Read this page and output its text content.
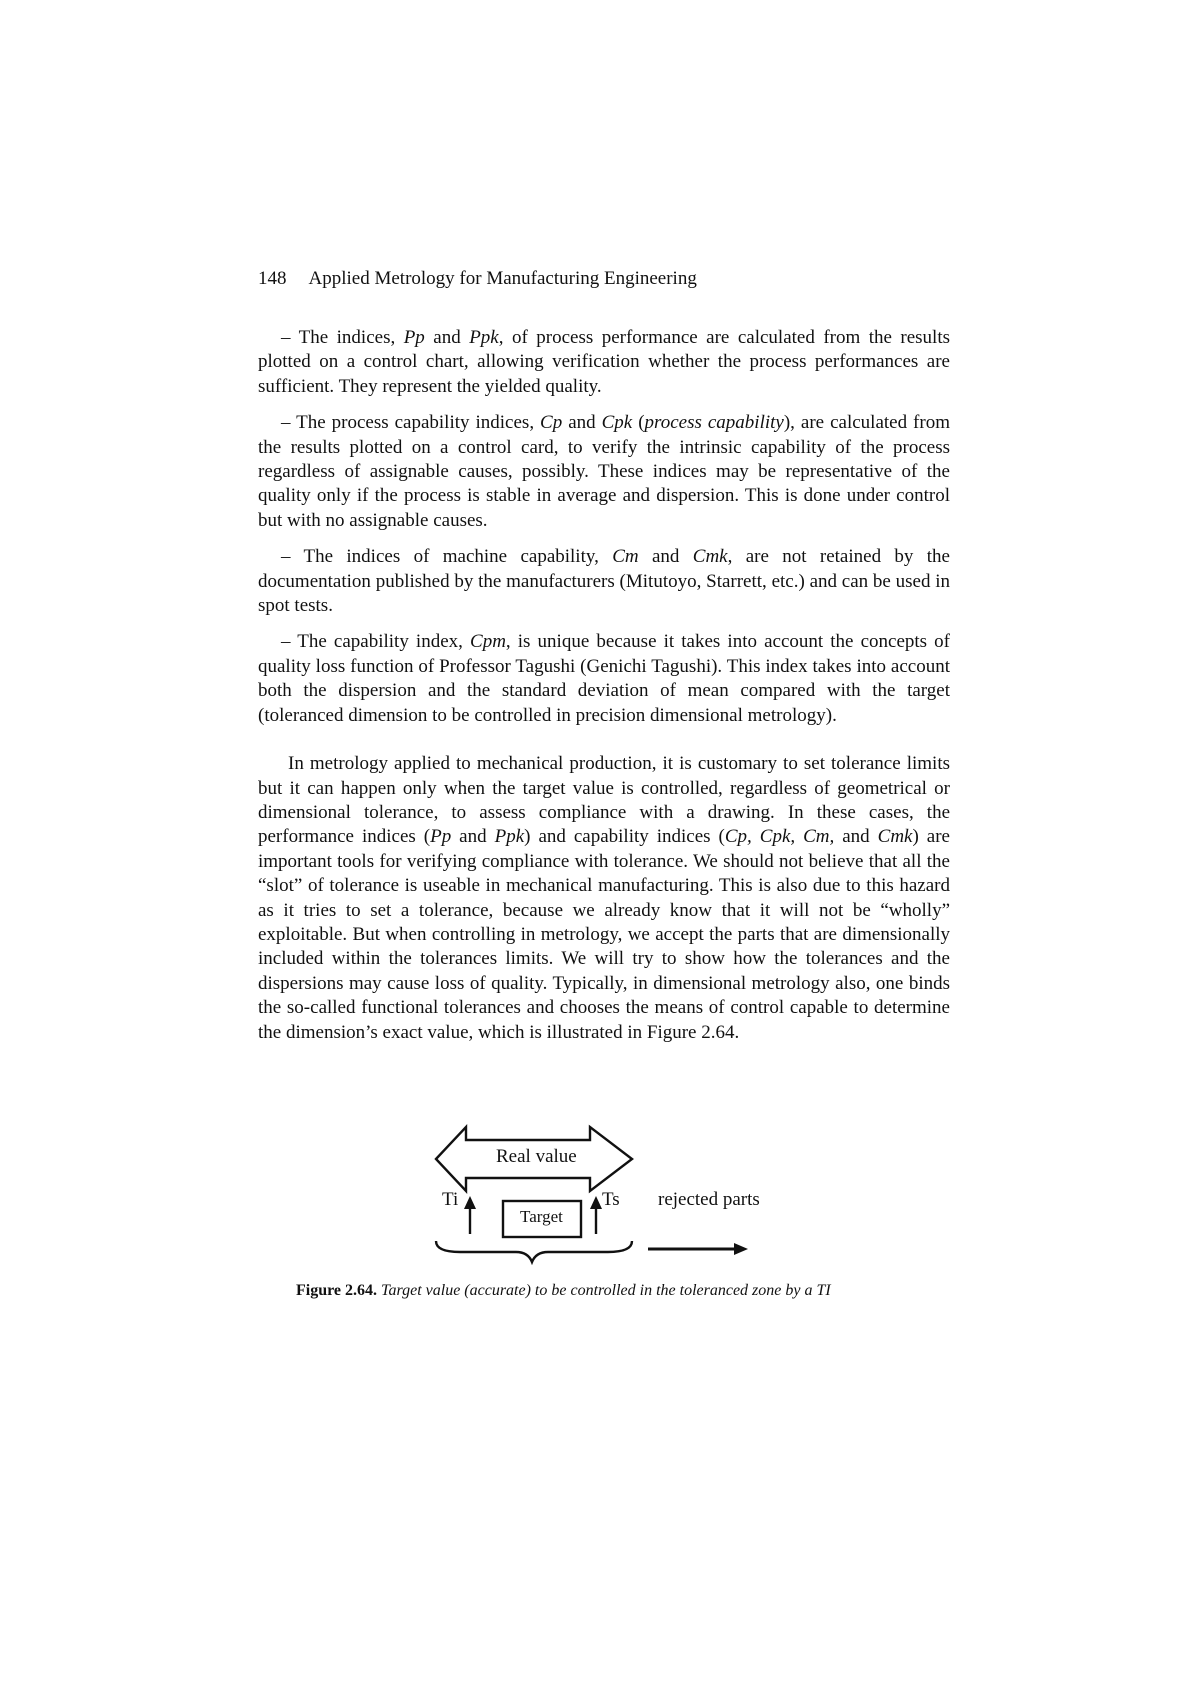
148 Applied Metrology for Manufacturing Engineering

– The indices, Pp and Ppk, of process performance are calculated from the results plotted on a control chart, allowing verification whether the process performances are sufficient. They represent the yielded quality.

– The process capability indices, Cp and Cpk (process capability), are calculated from the results plotted on a control card, to verify the intrinsic capability of the process regardless of assignable causes, possibly. These indices may be representative of the quality only if the process is stable in average and dispersion. This is done under control but with no assignable causes.

– The indices of machine capability, Cm and Cmk, are not retained by the documentation published by the manufacturers (Mitutoyo, Starrett, etc.) and can be used in spot tests.

– The capability index, Cpm, is unique because it takes into account the concepts of quality loss function of Professor Tagushi (Genichi Tagushi). This index takes into account both the dispersion and the standard deviation of mean compared with the target (toleranced dimension to be controlled in precision dimensional metrology).

In metrology applied to mechanical production, it is customary to set tolerance limits but it can happen only when the target value is controlled, regardless of geometrical or dimensional tolerance, to assess compliance with a drawing. In these cases, the performance indices (Pp and Ppk) and capability indices (Cp, Cpk, Cm, and Cmk) are important tools for verifying compliance with tolerance. We should not believe that all the “slot” of tolerance is useable in mechanical manufacturing. This is also due to this hazard as it tries to set a tolerance, because we already know that it will not be “wholly” exploitable. But when controlling in metrology, we accept the parts that are dimensionally included within the tolerances limits. We will try to show how the tolerances and the dispersions may cause loss of quality. Typically, in dimensional metrology also, one binds the so-called functional tolerances and chooses the means of control capable to determine the dimension’s exact value, which is illustrated in Figure 2.64.

Real value
Ti	Ts
Target
rejected parts
Figure 2.64. Target value (accurate) to be controlled in the toleranced zone by a TI
